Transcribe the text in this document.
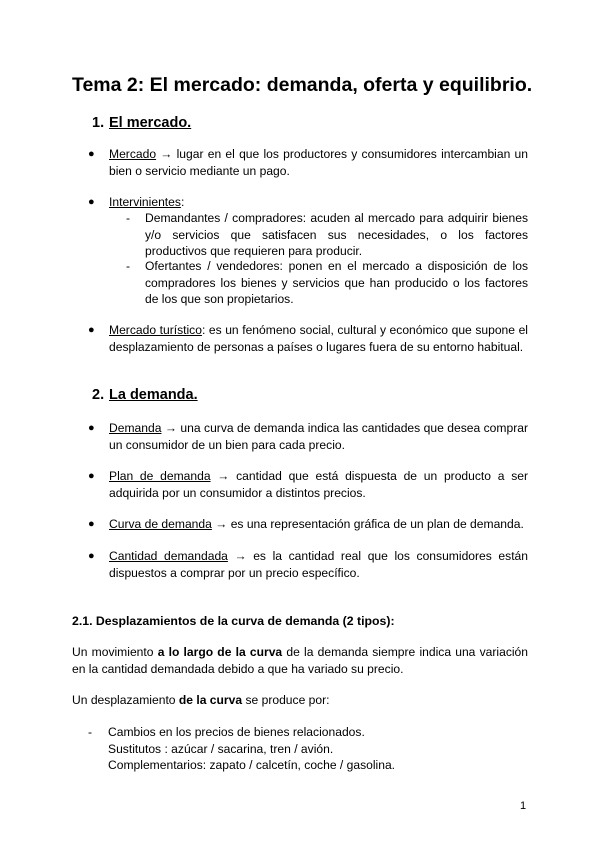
Tema 2: El mercado: demanda, oferta y equilibrio.
1. El mercado.
● Mercado → lugar en el que los productores y consumidores intercambian un bien o servicio mediante un pago.
● Intervinientes:
- Demandantes / compradores: acuden al mercado para adquirir bienes y/o servicios que satisfacen sus necesidades, o los factores productivos que requieren para producir.
- Ofertantes / vendedores: ponen en el mercado a disposición de los compradores los bienes y servicios que han producido o los factores de los que son propietarios.
● Mercado turístico: es un fenómeno social, cultural y económico que supone el desplazamiento de personas a países o lugares fuera de su entorno habitual.
2. La demanda.
● Demanda → una curva de demanda indica las cantidades que desea comprar un consumidor de un bien para cada precio.
● Plan de demanda → cantidad que está dispuesta de un producto a ser adquirida por un consumidor a distintos precios.
● Curva de demanda → es una representación gráfica de un plan de demanda.
● Cantidad demandada → es la cantidad real que los consumidores están dispuestos a comprar por un precio específico.
2.1. Desplazamientos de la curva de demanda (2 tipos):
Un movimiento a lo largo de la curva de la demanda siempre indica una variación en la cantidad demandada debido a que ha variado su precio.
Un desplazamiento de la curva se produce por:
- Cambios en los precios de bienes relacionados.
Sustitutos : azúcar / sacarina, tren / avión.
Complementarios: zapato / calcetín, coche / gasolina.
1
